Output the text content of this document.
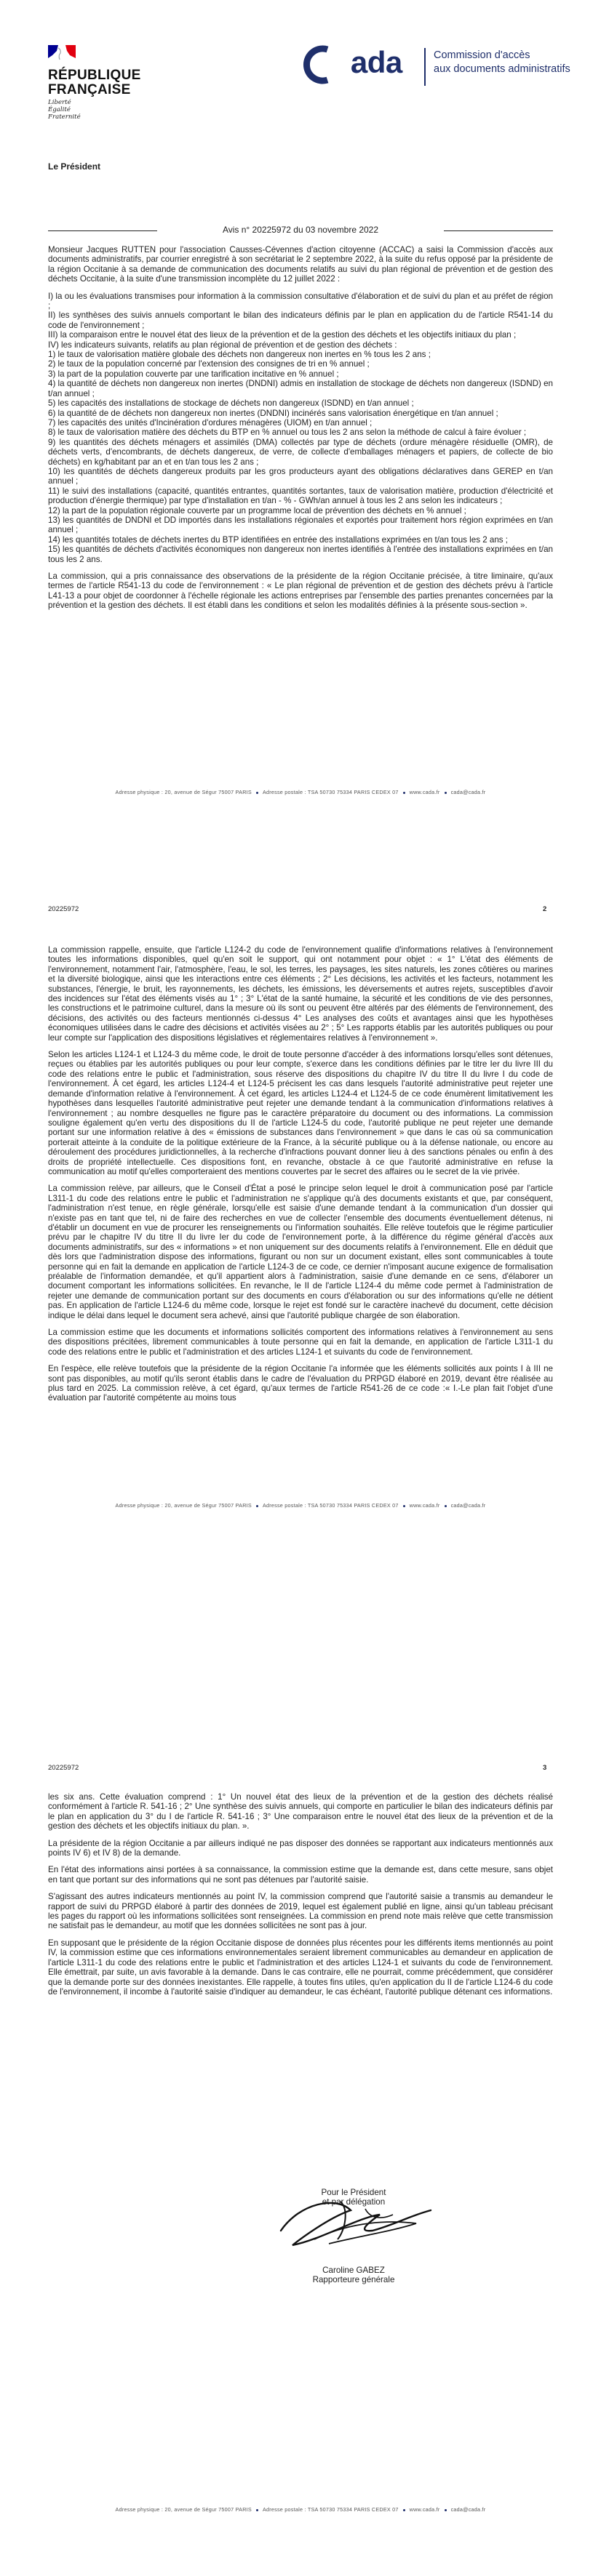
RÉPUBLIQUE
FRANÇAISE
Liberté
Égalité
Fraternité
ada	Commission d'accès
aux documents administratifs
Le Président
Avis n° 20225972 du 03 novembre 2022

Monsieur Jacques RUTTEN pour l'association Causses-Cévennes d'action citoyenne (ACCAC) a saisi la Commission d'accès aux documents administratifs, par courrier enregistré à son secrétariat le 2 septembre 2022, à la suite du refus opposé par la présidente de la région Occitanie à sa demande de communication des documents relatifs au suivi du plan régional de prévention et de gestion des déchets Occitanie, à la suite d'une transmission incomplète du 12 juillet 2022 :

I) la ou les évaluations transmises pour information à la commission consultative d'élaboration et de suivi du plan et au préfet de région ;
II) les synthèses des suivis annuels comportant le bilan des indicateurs définis par le plan en application du de l'article R541-14 du code de l'environnement ;
III) la comparaison entre le nouvel état des lieux de la prévention et de la gestion des déchets et les objectifs initiaux du plan ;
IV) les indicateurs suivants, relatifs au plan régional de prévention et de gestion des déchets :
1) le taux de valorisation matière globale des déchets non dangereux non inertes en % tous les 2 ans ;
2) le taux de la population concerné par l'extension des consignes de tri en % annuel ;
3) la part de la population couverte par une tarification incitative en % annuel ;
4) la quantité de déchets non dangereux non inertes (DNDNI) admis en installation de stockage de déchets non dangereux (ISDND) en t/an annuel ;
5) les capacités des installations de stockage de déchets non dangereux (ISDND) en t/an annuel ;
6) la quantité de de déchets non dangereux non inertes (DNDNI) incinérés sans valorisation énergétique en t/an annuel ;
7) les capacités des unités d'Incinération d'ordures ménagères (UIOM) en t/an annuel ;
8) le taux de valorisation matière des déchets du BTP en % annuel ou tous les 2 ans selon la méthode de calcul à faire évoluer ;
9) les quantités des déchets ménagers et assimilés (DMA) collectés par type de déchets (ordure ménagère résiduelle (OMR), de déchets verts, d'encombrants, de déchets dangereux, de verre, de collecte d'emballages ménagers et papiers, de collecte de bio déchets) en kg/habitant par an et en t/an tous les 2 ans ;
10) les quantités de déchets dangereux produits par les gros producteurs ayant des obligations déclaratives dans GEREP en t/an annuel ;
11) le suivi des installations (capacité, quantités entrantes, quantités sortantes, taux de valorisation matière, production d'électricité et production d'énergie thermique) par type d'installation en t/an - % - GWh/an annuel à tous les 2 ans selon les indicateurs ;
12) la part de la population régionale couverte par un programme local de prévention des déchets en % annuel ;
13) les quantités de DNDNI et DD importés dans les installations régionales et exportés pour traitement hors région exprimées en t/an annuel ;
14) les quantités totales de déchets inertes du BTP identifiées en entrée des installations exprimées en t/an tous les 2 ans ;
15) les quantités de déchets d'activités économiques non dangereux non inertes identifiés à l'entrée des installations exprimées en t/an tous les 2 ans.

La commission, qui a pris connaissance des observations de la présidente de la région Occitanie précisée, à titre liminaire, qu'aux termes de l'article R541-13 du code de l'environnement : « Le plan régional de prévention et de gestion des déchets prévu à l'article L41-13 a pour objet de coordonner à l'échelle régionale les actions entreprises par l'ensemble des parties prenantes concernées par la prévention et la gestion des déchets. Il est établi dans les conditions et selon les modalités définies à la présente sous-section ».

Adresse physique : 20, avenue de Ségur 75007 PARIS Adresse postale : TSA 50730 75334 PARIS CEDEX 07 www.cada.fr cada@cada.fr
20225972	2

La commission rappelle, ensuite, que l'article L124-2 du code de l'environnement qualifie d'informations relatives à l'environnement toutes les informations disponibles, quel qu'en soit le support, qui ont notamment pour objet : « 1° L'état des éléments de l'environnement, notamment l'air, l'atmosphère, l'eau, le sol, les terres, les paysages, les sites naturels, les zones côtières ou marines et la diversité biologique, ainsi que les interactions entre ces éléments ; 2° Les décisions, les activités et les facteurs, notamment les substances, l'énergie, le bruit, les rayonnements, les déchets, les émissions, les déversements et autres rejets, susceptibles d'avoir des incidences sur l'état des éléments visés au 1° ; 3° L'état de la santé humaine, la sécurité et les conditions de vie des personnes, les constructions et le patrimoine culturel, dans la mesure où ils sont ou peuvent être altérés par des éléments de l'environnement, des décisions, des activités ou des facteurs mentionnés ci-dessus 4° Les analyses des coûts et avantages ainsi que les hypothèses économiques utilisées dans le cadre des décisions et activités visées au 2° ; 5° Les rapports établis par les autorités publiques ou pour leur compte sur l'application des dispositions législatives et réglementaires relatives à l'environnement ».

Selon les articles L124-1 et L124-3 du même code, le droit de toute personne d'accéder à des informations lorsqu'elles sont détenues, reçues ou établies par les autorités publiques ou pour leur compte, s'exerce dans les conditions définies par le titre Ier du livre III du code des relations entre le public et l'administration, sous réserve des dispositions du chapitre IV du titre II du livre I du code de l'environnement. À cet égard, les articles L124-4 et L124-5 précisent les cas dans lesquels l'autorité administrative peut rejeter une demande d'information relative à l'environnement. À cet égard, les articles L124-4 et L124-5 de ce code énumèrent limitativement les hypothèses dans lesquelles l'autorité administrative peut rejeter une demande tendant à la communication d'informations relatives à l'environnement ; au nombre desquelles ne figure pas le caractère préparatoire du document ou des informations. La commission souligne également qu'en vertu des dispositions du II de l'article L124-5 du code, l'autorité publique ne peut rejeter une demande portant sur une information relative à des « émissions de substances dans l'environnement » que dans le cas où sa communication porterait atteinte à la conduite de la politique extérieure de la France, à la sécurité publique ou à la défense nationale, ou encore au déroulement des procédures juridictionnelles, à la recherche d'infractions pouvant donner lieu à des sanctions pénales ou enfin à des droits de propriété intellectuelle. Ces dispositions font, en revanche, obstacle à ce que l'autorité administrative en refuse la communication au motif qu'elles comporteraient des mentions couvertes par le secret des affaires ou le secret de la vie privée.

La commission relève, par ailleurs, que le Conseil d'État a posé le principe selon lequel le droit à communication posé par l'article L311-1 du code des relations entre le public et l'administration ne s'applique qu'à des documents existants et que, par conséquent, l'administration n'est tenue, en règle générale, lorsqu'elle est saisie d'une demande tendant à la communication d'un dossier qui n'existe pas en tant que tel, ni de faire des recherches en vue de collecter l'ensemble des documents éventuellement détenus, ni d'établir un document en vue de procurer les renseignements ou l'information souhaités. Elle relève toutefois que le régime particulier prévu par le chapitre IV du titre II du livre Ier du code de l'environnement porte, à la différence du régime général d'accès aux documents administratifs, sur des « informations » et non uniquement sur des documents relatifs à l'environnement. Elle en déduit que dès lors que l'administration dispose des informations, figurant ou non sur un document existant, elles sont communicables à toute personne qui en fait la demande en application de l'article L124-3 de ce code, ce dernier n'imposant aucune exigence de formalisation préalable de l'information demandée, et qu'il appartient alors à l'administration, saisie d'une demande en ce sens, d'élaborer un document comportant les informations sollicitées. En revanche, le II de l'article L124-4 du même code permet à l'administration de rejeter une demande de communication portant sur des documents en cours d'élaboration ou sur des informations qu'elle ne détient pas. En application de l'article L124-6 du même code, lorsque le rejet est fondé sur le caractère inachevé du document, cette décision indique le délai dans lequel le document sera achevé, ainsi que l'autorité publique chargée de son élaboration.

La commission estime que les documents et informations sollicités comportent des informations relatives à l'environnement au sens des dispositions précitées, librement communicables à toute personne qui en fait la demande, en application de l'article L311-1 du code des relations entre le public et l'administration et des articles L124-1 et suivants du code de l'environnement.

En l'espèce, elle relève toutefois que la présidente de la région Occitanie l'a informée que les éléments sollicités aux points I à III ne sont pas disponibles, au motif qu'ils seront établis dans le cadre de l'évaluation du PRPGD élaboré en 2019, devant être réalisée au plus tard en 2025. La commission relève, à cet égard, qu'aux termes de l'article R541-26 de ce code :« I.-Le plan fait l'objet d'une évaluation par l'autorité compétente au moins tous

Adresse physique : 20, avenue de Ségur 75007 PARIS Adresse postale : TSA 50730 75334 PARIS CEDEX 07 www.cada.fr cada@cada.fr
20225972	3

les six ans. Cette évaluation comprend : 1° Un nouvel état des lieux de la prévention et de la gestion des déchets réalisé conformément à l'article R. 541-16 ; 2° Une synthèse des suivis annuels, qui comporte en particulier le bilan des indicateurs définis par le plan en application du 3° du I de l'article R. 541-16 ; 3° Une comparaison entre le nouvel état des lieux de la prévention et de la gestion des déchets et les objectifs initiaux du plan. ».

La présidente de la région Occitanie a par ailleurs indiqué ne pas disposer des données se rapportant aux indicateurs mentionnés aux points IV 6) et IV 8) de la demande.

En l'état des informations ainsi portées à sa connaissance, la commission estime que la demande est, dans cette mesure, sans objet en tant que portant sur des informations qui ne sont pas détenues par l'autorité saisie.

S'agissant des autres indicateurs mentionnés au point IV, la commission comprend que l'autorité saisie a transmis au demandeur le rapport de suivi du PRPGD élaboré à partir des données de 2019, lequel est également publié en ligne, ainsi qu'un tableau précisant les pages du rapport où les informations sollicitées sont renseignées. La commission en prend note mais relève que cette transmission ne satisfait pas le demandeur, au motif que les données sollicitées ne sont pas à jour.

En supposant que le présidente de la région Occitanie dispose de données plus récentes pour les différents items mentionnés au point IV, la commission estime que ces informations environnementales seraient librement communicables au demandeur en application de l'article L311-1 du code des relations entre le public et l'administration et des articles L124-1 et suivants du code de l'environnement. Elle émettrait, par suite, un avis favorable à la demande. Dans le cas contraire, elle ne pourrait, comme précédemment, que considérer que la demande porte sur des données inexistantes. Elle rappelle, à toutes fins utiles, qu'en application du II de l'article L124-6 du code de l'environnement, il incombe à l'autorité saisie d'indiquer au demandeur, le cas échéant, l'autorité publique détenant ces informations.

Pour le Président
et par délégation
Caroline GABEZ
Rapporteure générale
Adresse physique : 20, avenue de Ségur 75007 PARIS Adresse postale : TSA 50730 75334 PARIS CEDEX 07 www.cada.fr cada@cada.fr
